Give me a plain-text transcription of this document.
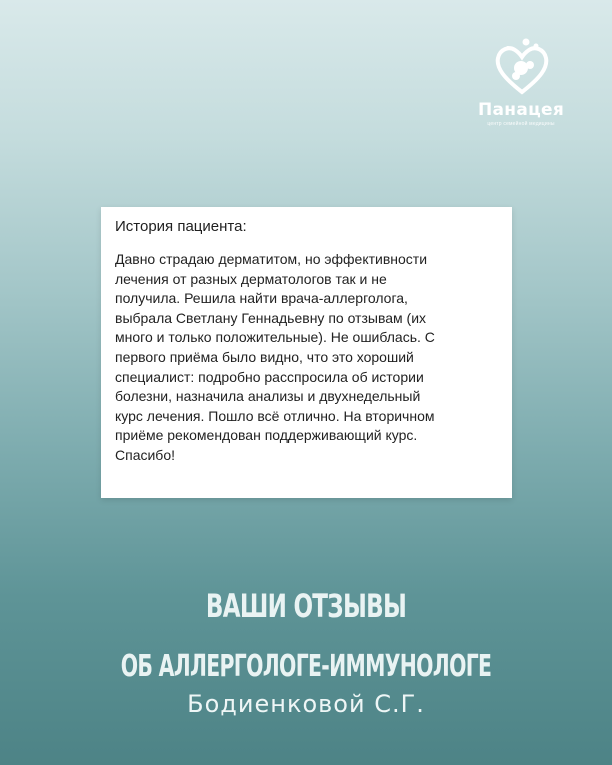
Панацея
центр семейной медицины

История пациента:

Давно страдаю дерматитом, но эффективности
лечения от разных дерматологов так и не
получила. Решила найти врача-аллерголога,
выбрала Светлану Геннадьевну по отзывам (их
много и только положительные). Не ошиблась. С
первого приёма было видно, что это хороший
специалист: подробно расспросила об истории
болезни, назначила анализы и двухнедельный
курс лечения. Пошло всё отлично. На вторичном
приёме рекомендован поддерживающий курс.
Спасибо!

ВАШИ ОТЗЫВЫ
ОБ АЛЛЕРГОЛОГЕ-ИММУНОЛОГЕ
Бодиенковой С.Г.
